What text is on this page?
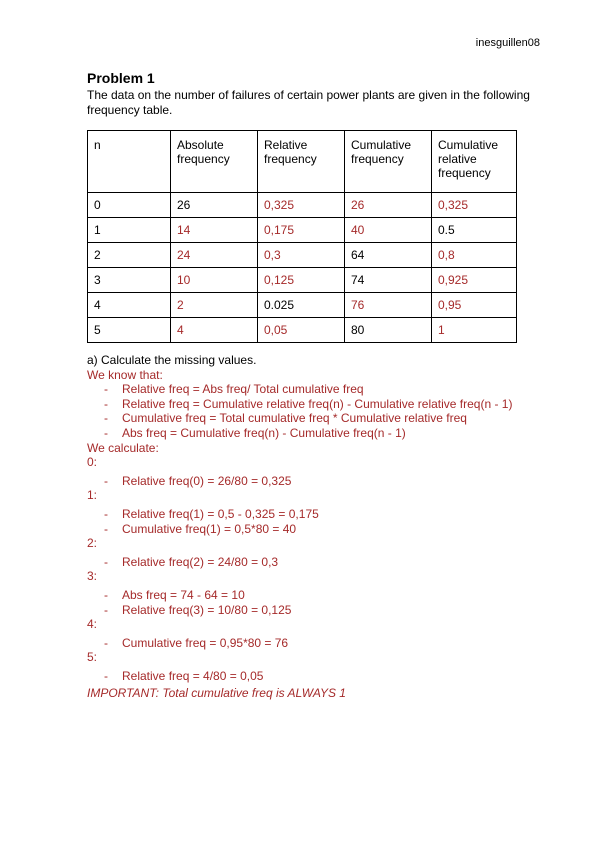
inesguillen08
Problem 1
The data on the number of failures of certain power plants are given in the following frequency table.
n	Absolute frequency	Relative frequency	Cumulative frequency	Cumulative relative frequency
0	26	0,325	26	0,325
1	14	0,175	40	0.5
2	24	0,3	64	0,8
3	10	0,125	74	0,925
4	2	0.025	76	0,95
5	4	0,05	80	1
a) Calculate the missing values.
We know that:
- Relative freq = Abs freq/ Total cumulative freq
- Relative freq = Cumulative relative freq(n) - Cumulative relative freq(n - 1)
- Cumulative freq = Total cumulative freq * Cumulative relative freq
- Abs freq = Cumulative freq(n) - Cumulative freq(n - 1)
We calculate:
0:
- Relative freq(0) = 26/80 = 0,325
1:
- Relative freq(1) = 0,5 - 0,325 = 0,175
- Cumulative freq(1) = 0,5*80 = 40
2:
- Relative freq(2) = 24/80 = 0,3
3:
- Abs freq = 74 - 64 = 10
- Relative freq(3) = 10/80 = 0,125
4:
- Cumulative freq = 0,95*80 = 76
5:
- Relative freq = 4/80 = 0,05
IMPORTANT: Total cumulative freq is ALWAYS 1
